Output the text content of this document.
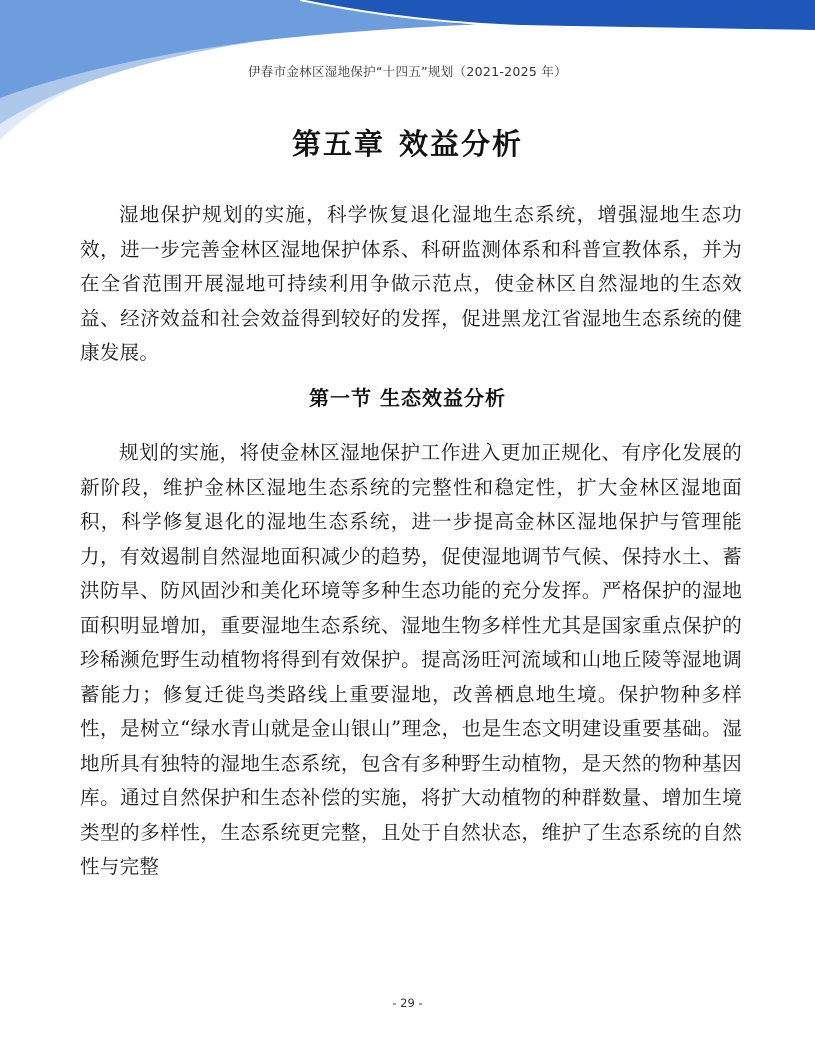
伊春市金林区湿地保护“十四五”规划（2021-2025 年）
第五章 效益分析

湿地保护规划的实施，科学恢复退化湿地生态系统，增强湿地生态功效，进一步完善金林区湿地保护体系、科研监测体系和科普宣教体系，并为在全省范围开展湿地可持续利用争做示范点，使金林区自然湿地的生态效益、经济效益和社会效益得到较好的发挥，促进黑龙江省湿地生态系统的健康发展。

第一节 生态效益分析

规划的实施，将使金林区湿地保护工作进入更加正规化、有序化发展的新阶段，维护金林区湿地生态系统的完整性和稳定性，扩大金林区湿地面积，科学修复退化的湿地生态系统，进一步提高金林区湿地保护与管理能力，有效遏制自然湿地面积减少的趋势，促使湿地调节气候、保持水土、蓄洪防旱、防风固沙和美化环境等多种生态功能的充分发挥。严格保护的湿地面积明显增加，重要湿地生态系统、湿地生物多样性尤其是国家重点保护的珍稀濒危野生动植物将得到有效保护。提高汤旺河流域和山地丘陵等湿地调蓄能力；修复迁徙鸟类路线上重要湿地，改善栖息地生境。保护物种多样性，是树立“绿水青山就是金山银山”理念，也是生态文明建设重要基础。湿地所具有独特的湿地生态系统，包含有多种野生动植物，是天然的物种基因库。通过自然保护和生态补偿的实施，将扩大动植物的种群数量、增加生境类型的多样性，生态系统更完整，且处于自然状态，维护了生态系统的自然性与完整

- 29 -
